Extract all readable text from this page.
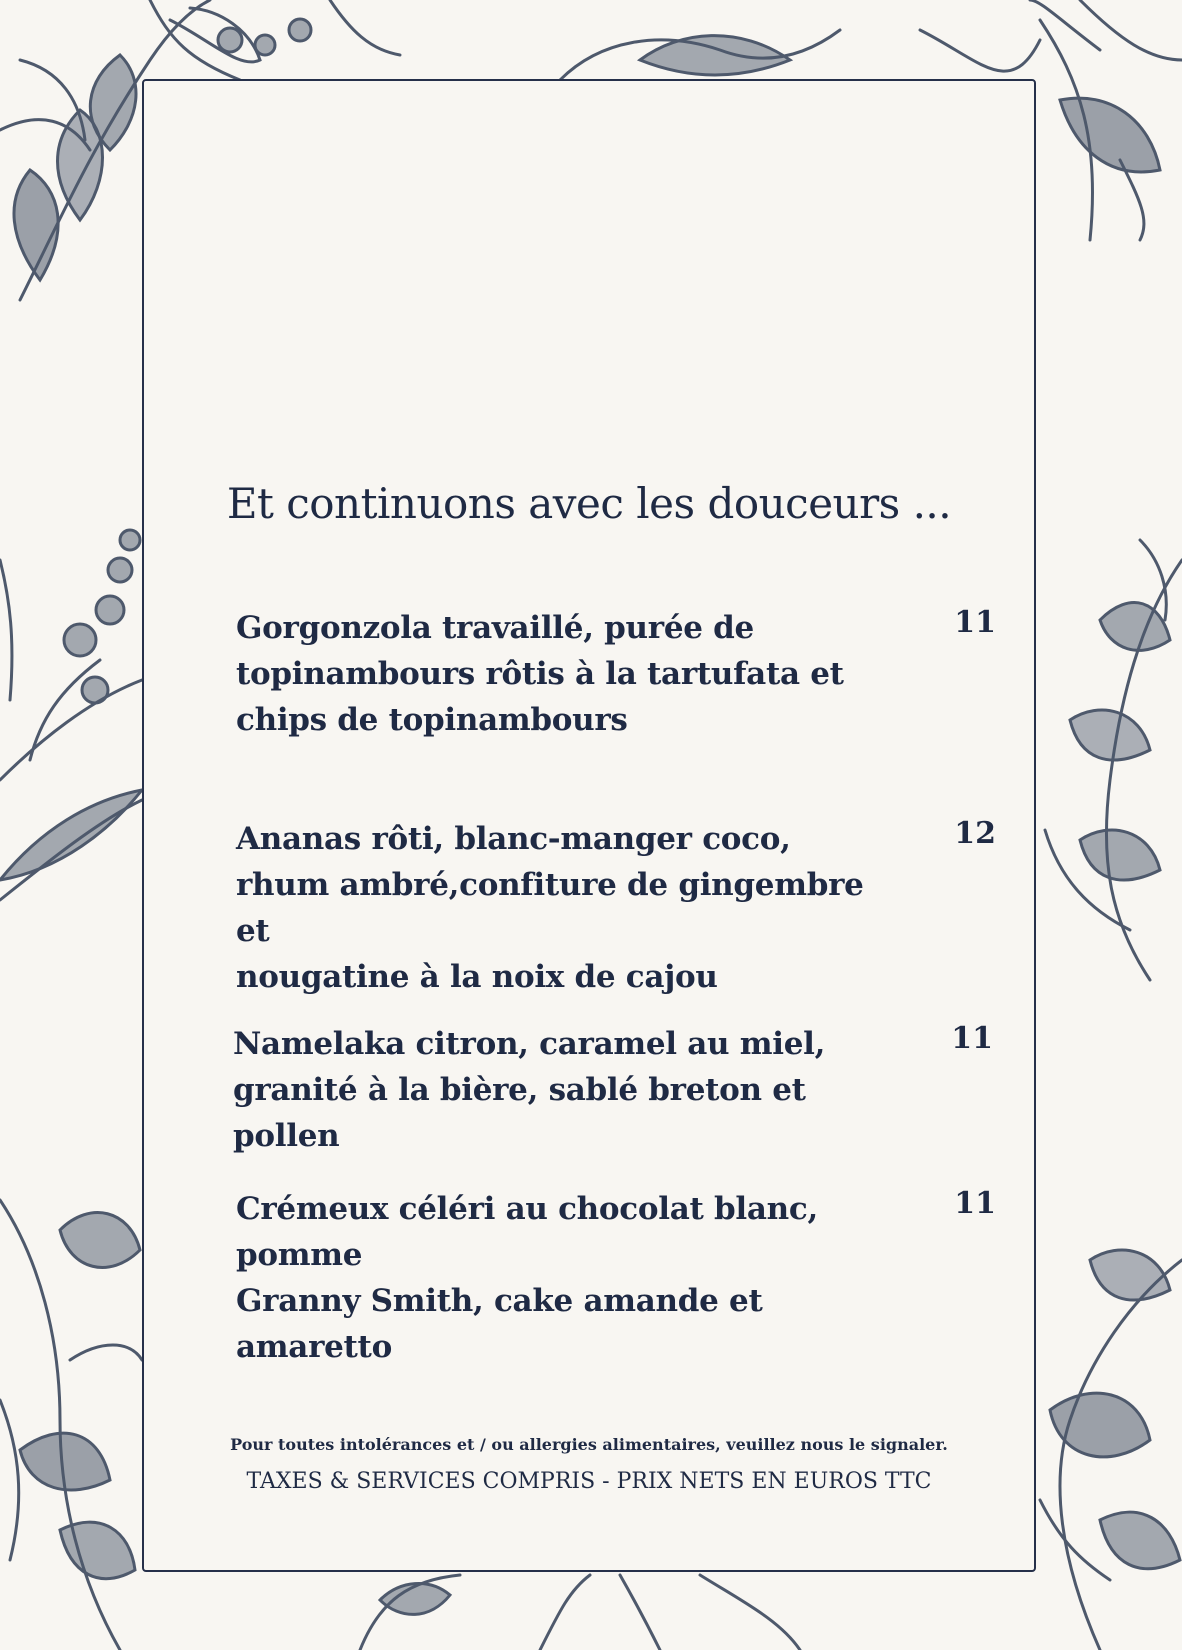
Et continuons avec les douceurs ...
Gorgonzola travaillé, purée de
topinambours rôtis à la tartufata et
chips de topinambours
11
Ananas rôti, blanc-manger coco,
rhum ambré,confiture de gingembre et
nougatine à la noix de cajou
12
Namelaka citron, caramel au miel,
granité à la bière, sablé breton et pollen
11
Crémeux céléri au chocolat blanc, pomme
Granny Smith, cake amande et amaretto
11
Pour toutes intolérances et / ou allergies alimentaires, veuillez nous le signaler.
TAXES & SERVICES COMPRIS - PRIX NETS EN EUROS TTC
